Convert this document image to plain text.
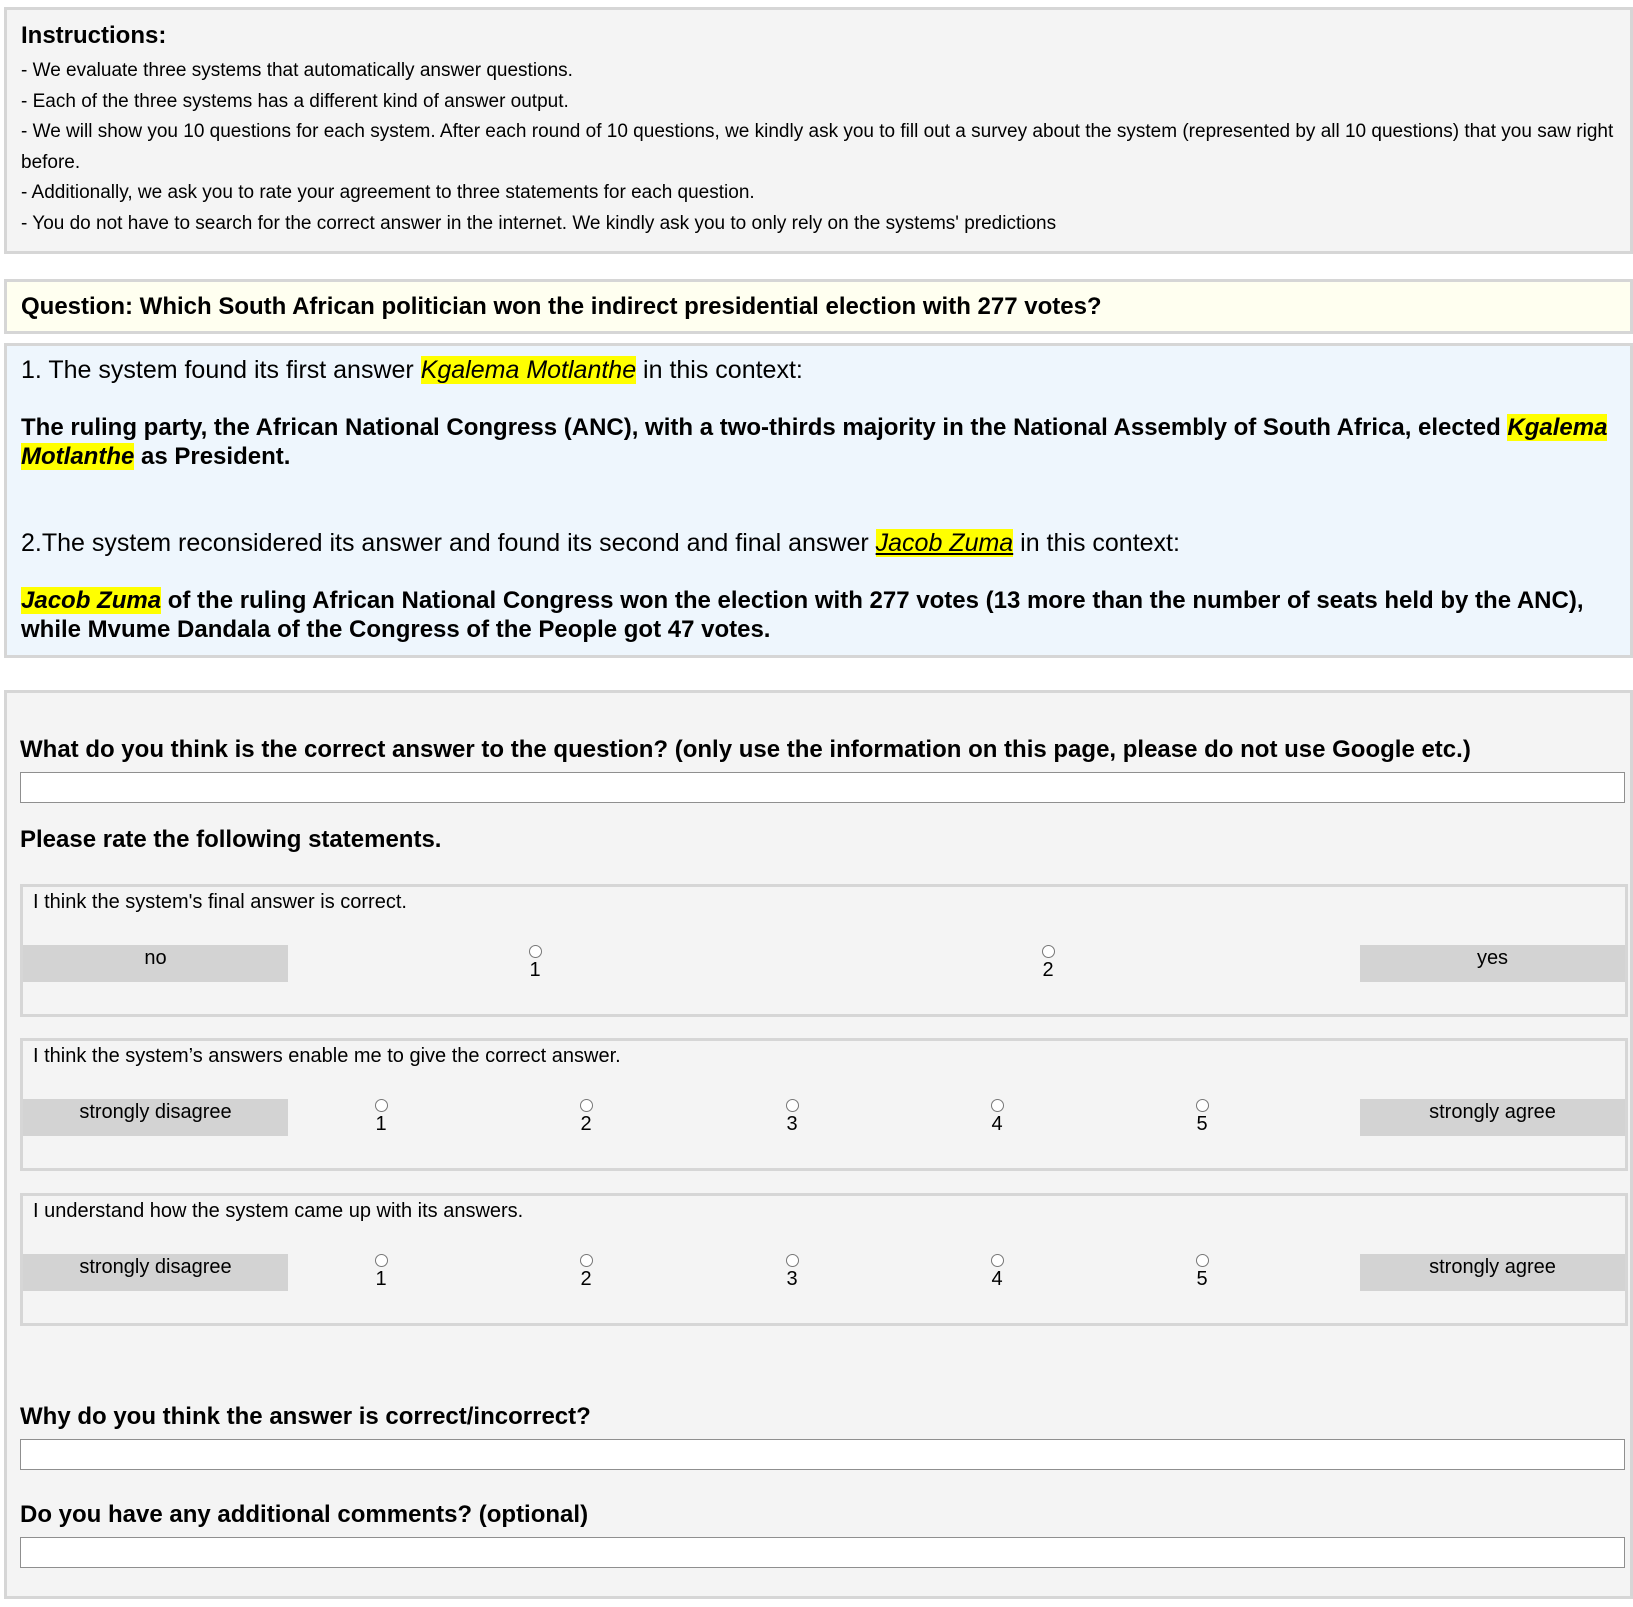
Instructions:
- We evaluate three systems that automatically answer questions.
- Each of the three systems has a different kind of answer output.
- We will show you 10 questions for each system. After each round of 10 questions, we kindly ask you to fill out a survey about the system (represented by all 10 questions) that you saw right before.
- Additionally, we ask you to rate your agreement to three statements for each question.
- You do not have to search for the correct answer in the internet. We kindly ask you to only rely on the systems' predictions
Question: Which South African politician won the indirect presidential election with 277 votes?
1. The system found its first answer Kgalema Motlanthe in this context:
The ruling party, the African National Congress (ANC), with a two-thirds majority in the National Assembly of South Africa, elected Kgalema Motlanthe as President.
2.The system reconsidered its answer and found its second and final answer Jacob Zuma in this context:
Jacob Zuma of the ruling African National Congress won the election with 277 votes (13 more than the number of seats held by the ANC), while Mvume Dandala of the Congress of the People got 47 votes.
What do you think is the correct answer to the question? (only use the information on this page, please do not use Google etc.)
Please rate the following statements.
I think the system's final answer is correct.
no
1	2
yes
I think the system’s answers enable me to give the correct answer.
strongly disagree
1	2	3	4	5
strongly agree
I understand how the system came up with its answers.
strongly disagree
1	2	3	4	5
strongly agree
Why do you think the answer is correct/incorrect?
Do you have any additional comments? (optional)
